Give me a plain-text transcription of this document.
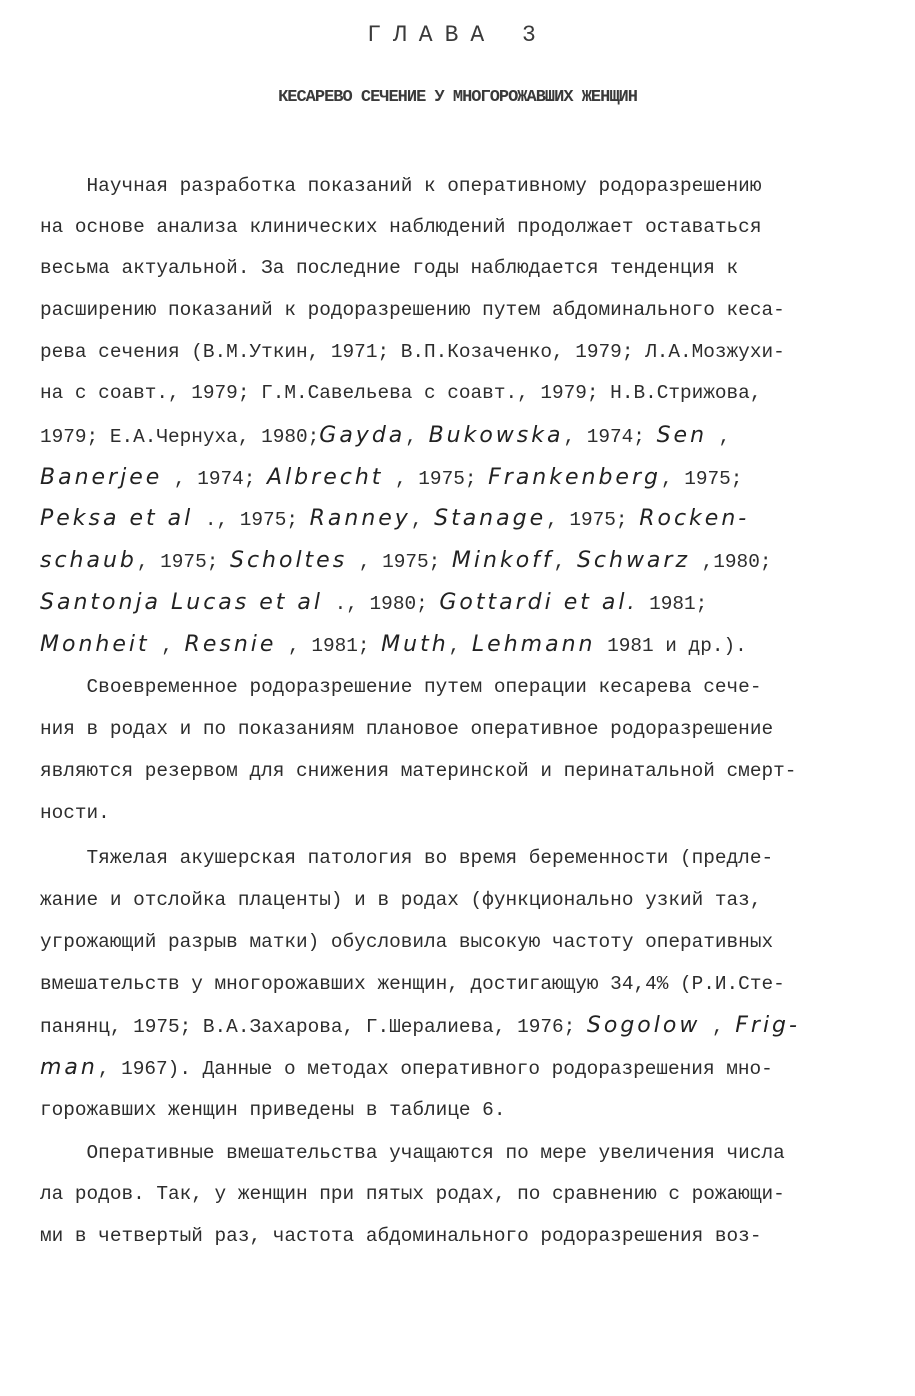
ГЛАВА 3
КЕСАРЕВО СЕЧЕНИЕ У МНОГОРОЖАВШИХ ЖЕНЩИН
Научная разработка показаний к оперативному родоразрешению
на основе анализа клинических наблюдений продолжает оставаться
весьма актуальной. За последние годы наблюдается тенденция к
расширению показаний к родоразрешению путем абдоминального кеса-
рева сечения (В.М.Уткин, 1971; В.П.Козаченко, 1979; Л.А.Мозжухи-
на с соавт., 1979; Г.М.Савельева с соавт., 1979; Н.В.Стрижова,
1979; Е.А.Чернуха, 1980;Gayda, Bukowska, 1974; Sen ,
Banerjee , 1974; Albrecht , 1975; Frankenberg, 1975;
Peksa et al ., 1975; Ranney, Stanage, 1975; Rocken-
schaub, 1975; Scholtes , 1975; Minkoff, Schwarz ,1980;
Santonja Lucas et al ., 1980; Gottardi et al. 1981;
Monheit , Resnie , 1981; Muth, Lehmann 1981 и др.).
Своевременное родоразрешение путем операции кесарева сече-
ния в родах и по показаниям плановое оперативное родоразрешение
являются резервом для снижения материнской и перинатальной смерт-
ности.
Тяжелая акушерская патология во время беременности (предле-
жание и отслойка плаценты) и в родах (функционально узкий таз,
угрожающий разрыв матки) обусловила высокую частоту оперативных
вмешательств у многорожавших женщин, достигающую 34,4% (Р.И.Сте-
панянц, 1975; В.А.Захарова, Г.Шералиева, 1976; Sogolow , Frig-
man, 1967). Данные о методах оперативного родоразрешения мно-
горожавших женщин приведены в таблице 6.
Оперативные вмешательства учащаются по мере увеличения числа
ла родов. Так, у женщин при пятых родах, по сравнению с рожающи-
ми в четвертый раз, частота абдоминального родоразрешения воз-
